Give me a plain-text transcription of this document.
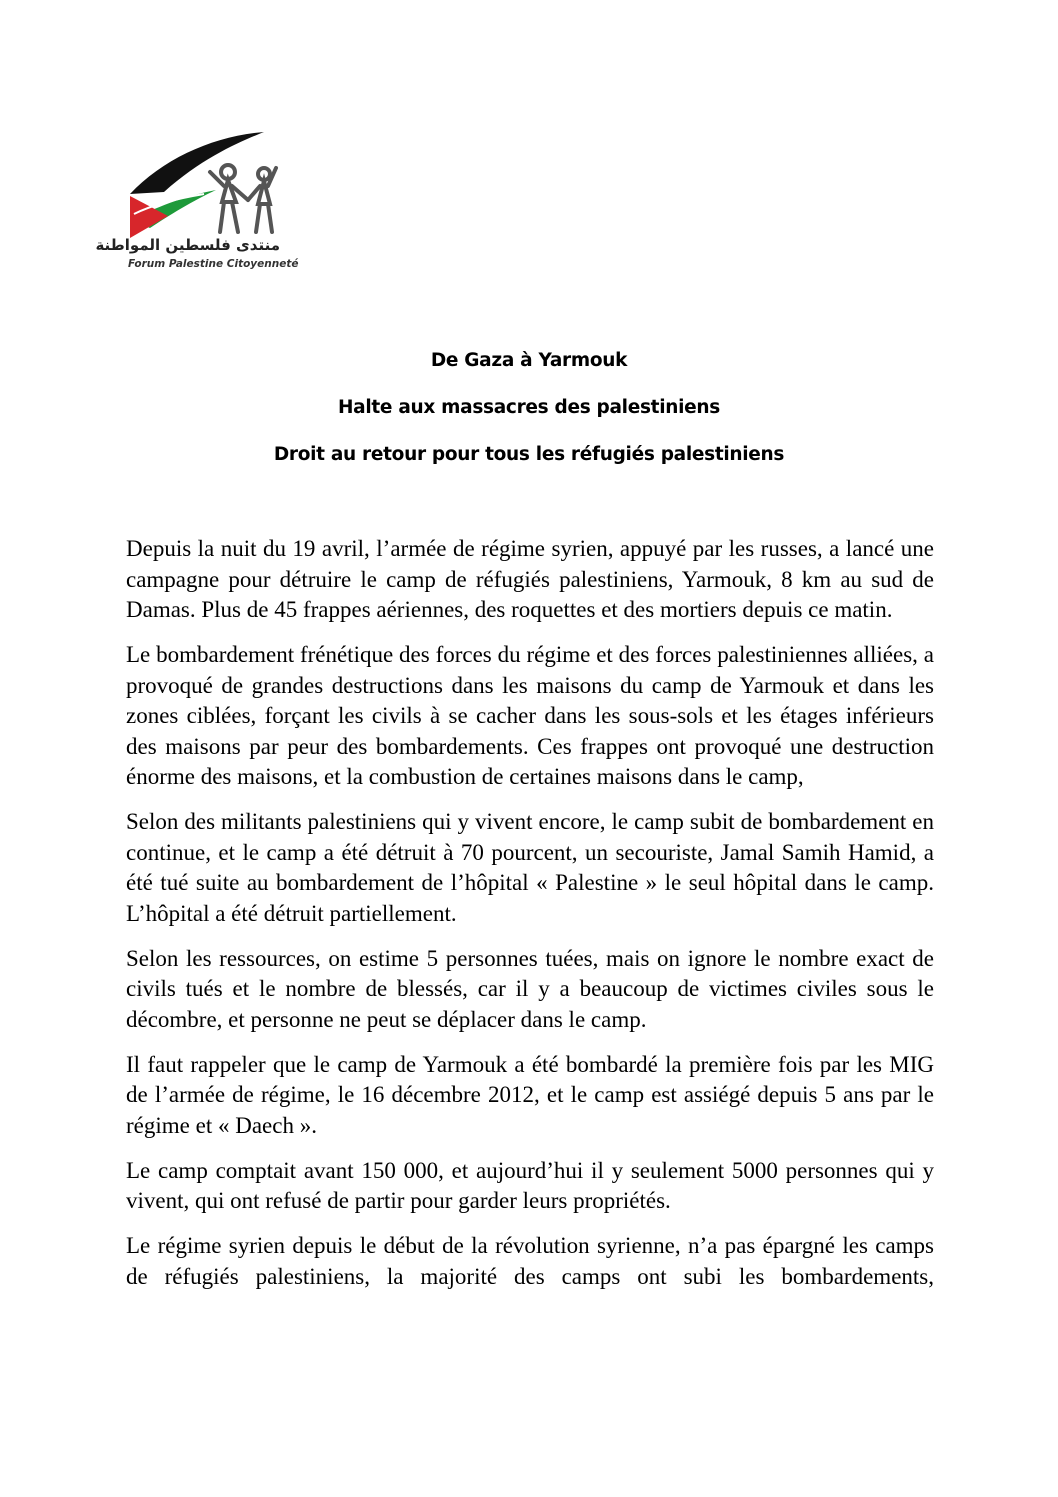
منتدى فلسطين المواطنة
Forum Palestine Citoyenneté
De Gaza à Yarmouk
Halte aux massacres des palestiniens
Droit au retour pour tous les réfugiés palestiniens

Depuis la nuit du 19 avril, l’armée de régime syrien, appuyé par les russes, a lancé une campagne pour détruire le camp de réfugiés palestiniens, Yarmouk, 8 km au sud de Damas. Plus de 45 frappes aériennes, des roquettes et des mortiers depuis ce matin.

Le bombardement frénétique des forces du régime et des forces palestiniennes alliées, a provoqué de grandes destructions dans les maisons du camp de Yarmouk et dans les zones ciblées, forçant les civils à se cacher dans les sous-sols et les étages inférieurs des maisons par peur des bombardements. Ces frappes ont provoqué une destruction énorme des maisons, et la combustion de certaines maisons dans le camp,

Selon des militants palestiniens qui y vivent encore, le camp subit de bombardement en continue, et le camp a été détruit à 70 pourcent, un secouriste, Jamal Samih Hamid, a été tué suite au bombardement de l’hôpital « Palestine » le seul hôpital dans le camp. L’hôpital a été détruit partiellement.

Selon les ressources, on estime 5 personnes tuées, mais on ignore le nombre exact de civils tués et le nombre de blessés, car il y a beaucoup de victimes civiles sous le décombre, et personne ne peut se déplacer dans le camp.

Il faut rappeler que le camp de Yarmouk a été bombardé la première fois par les MIG de l’armée de régime, le 16 décembre 2012, et le camp est assiégé depuis 5 ans par le régime et « Daech ».

Le camp comptait avant 150 000, et aujourd’hui il y seulement 5000 personnes qui y vivent, qui ont refusé de partir pour garder leurs propriétés.

Le régime syrien depuis le début de la révolution syrienne, n’a pas épargné les camps de réfugiés palestiniens, la majorité des camps ont subi les bombardements,
